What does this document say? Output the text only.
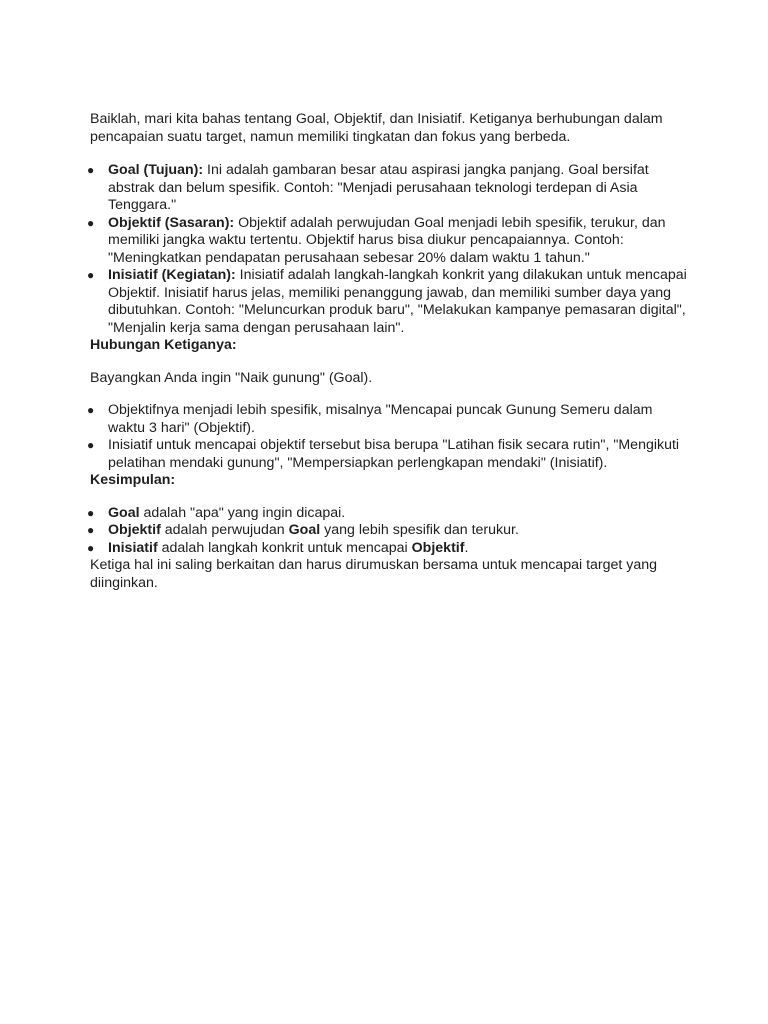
Baiklah, mari kita bahas tentang Goal, Objektif, dan Inisiatif. Ketiganya berhubungan dalam pencapaian suatu target, namun memiliki tingkatan dan fokus yang berbeda.

● Goal (Tujuan): Ini adalah gambaran besar atau aspirasi jangka panjang. Goal bersifat abstrak dan belum spesifik. Contoh: "Menjadi perusahaan teknologi terdepan di Asia Tenggara."
● Objektif (Sasaran): Objektif adalah perwujudan Goal menjadi lebih spesifik, terukur, dan memiliki jangka waktu tertentu. Objektif harus bisa diukur pencapaiannya. Contoh: "Meningkatkan pendapatan perusahaan sebesar 20% dalam waktu 1 tahun."
● Inisiatif (Kegiatan): Inisiatif adalah langkah-langkah konkrit yang dilakukan untuk mencapai Objektif. Inisiatif harus jelas, memiliki penanggung jawab, dan memiliki sumber daya yang dibutuhkan. Contoh: "Meluncurkan produk baru", "Melakukan kampanye pemasaran digital", "Menjalin kerja sama dengan perusahaan lain".

Hubungan Ketiganya:

Bayangkan Anda ingin "Naik gunung" (Goal).

● Objektifnya menjadi lebih spesifik, misalnya "Mencapai puncak Gunung Semeru dalam waktu 3 hari" (Objektif).
● Inisiatif untuk mencapai objektif tersebut bisa berupa "Latihan fisik secara rutin", "Mengikuti pelatihan mendaki gunung", "Mempersiapkan perlengkapan mendaki" (Inisiatif).

Kesimpulan:

● Goal adalah "apa" yang ingin dicapai.
● Objektif adalah perwujudan Goal yang lebih spesifik dan terukur.
● Inisiatif adalah langkah konkrit untuk mencapai Objektif.

Ketiga hal ini saling berkaitan dan harus dirumuskan bersama untuk mencapai target yang diinginkan.
